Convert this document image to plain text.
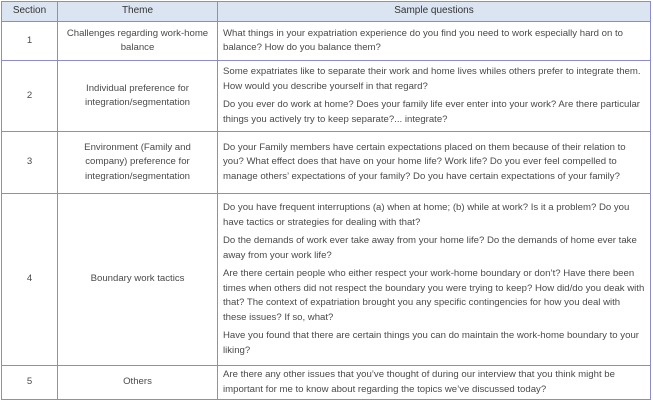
Section	Theme	Sample questions
1	Challenges regarding work-home balance	What things in your expatriation experience do you find you need to work especially hard on to balance? How do you balance them?

2	Individual preference for integration/segmentation	Some expatriates like to separate their work and home lives whiles others prefer to integrate them. How would you describe yourself in that regard?

Do you ever do work at home? Does your family life ever enter into your work? Are there particular things you actively try to keep separate?... integrate?

3	Environment (Family and company) preference for integration/segmentation	Do your Family members have certain expectations placed on them because of their relation to you? What effect does that have on your home life? Work life? Do you ever feel compelled to manage others’ expectations of your family? Do you have certain expectations of your family?

4	Boundary work tactics	Do you have frequent interruptions (a) when at home; (b) while at work? Is it a problem? Do you have tactics or strategies for dealing with that?

Do the demands of work ever take away from your home life? Do the demands of home ever take away from your work life?

Are there certain people who either respect your work-home boundary or don’t? Have there been times when others did not respect the boundary you were trying to keep? How did/do you deak with that? The context of expatriation brought you any specific contingencies for how you deal with these issues? If so, what?

Have you found that there are certain things you can do maintain the work-home boundary to your liking?

5	Others	Are there any other issues that you’ve thought of during our interview that you think might be important for me to know about regarding the topics we’ve discussed today?
